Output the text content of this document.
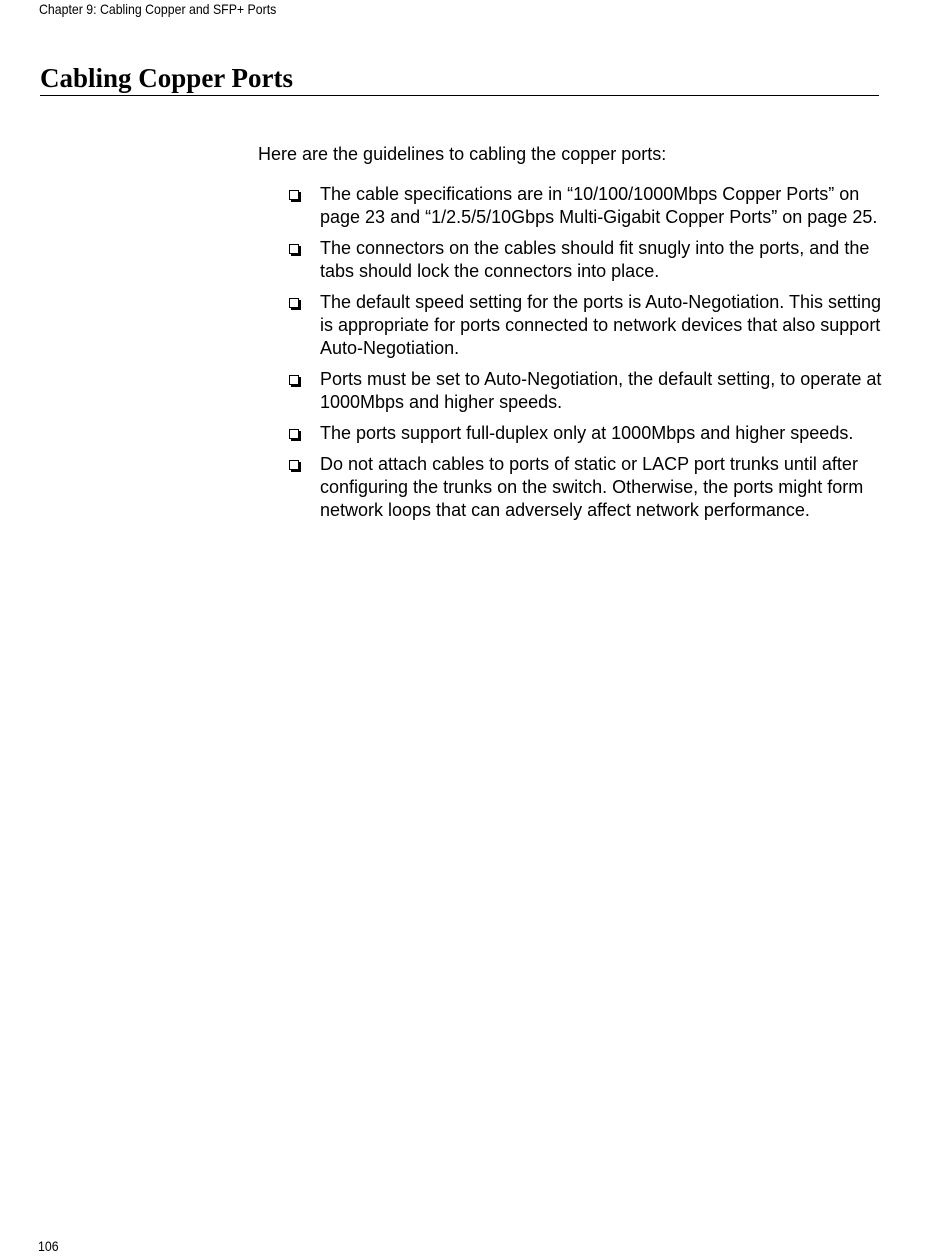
Chapter 9: Cabling Copper and SFP+ Ports
Cabling Copper Ports

Here are the guidelines to cabling the copper ports:

The cable specifications are in “10/100/1000Mbps Copper Ports” on page 23 and “1/2.5/5/10Gbps Multi-Gigabit Copper Ports” on page 25.
The connectors on the cables should fit snugly into the ports, and the tabs should lock the connectors into place.
The default speed setting for the ports is Auto-Negotiation. This setting is appropriate for ports connected to network devices that also support Auto-Negotiation.
Ports must be set to Auto-Negotiation, the default setting, to operate at 1000Mbps and higher speeds.
The ports support full-duplex only at 1000Mbps and higher speeds.
Do not attach cables to ports of static or LACP port trunks until after configuring the trunks on the switch. Otherwise, the ports might form network loops that can adversely affect network performance.
106
